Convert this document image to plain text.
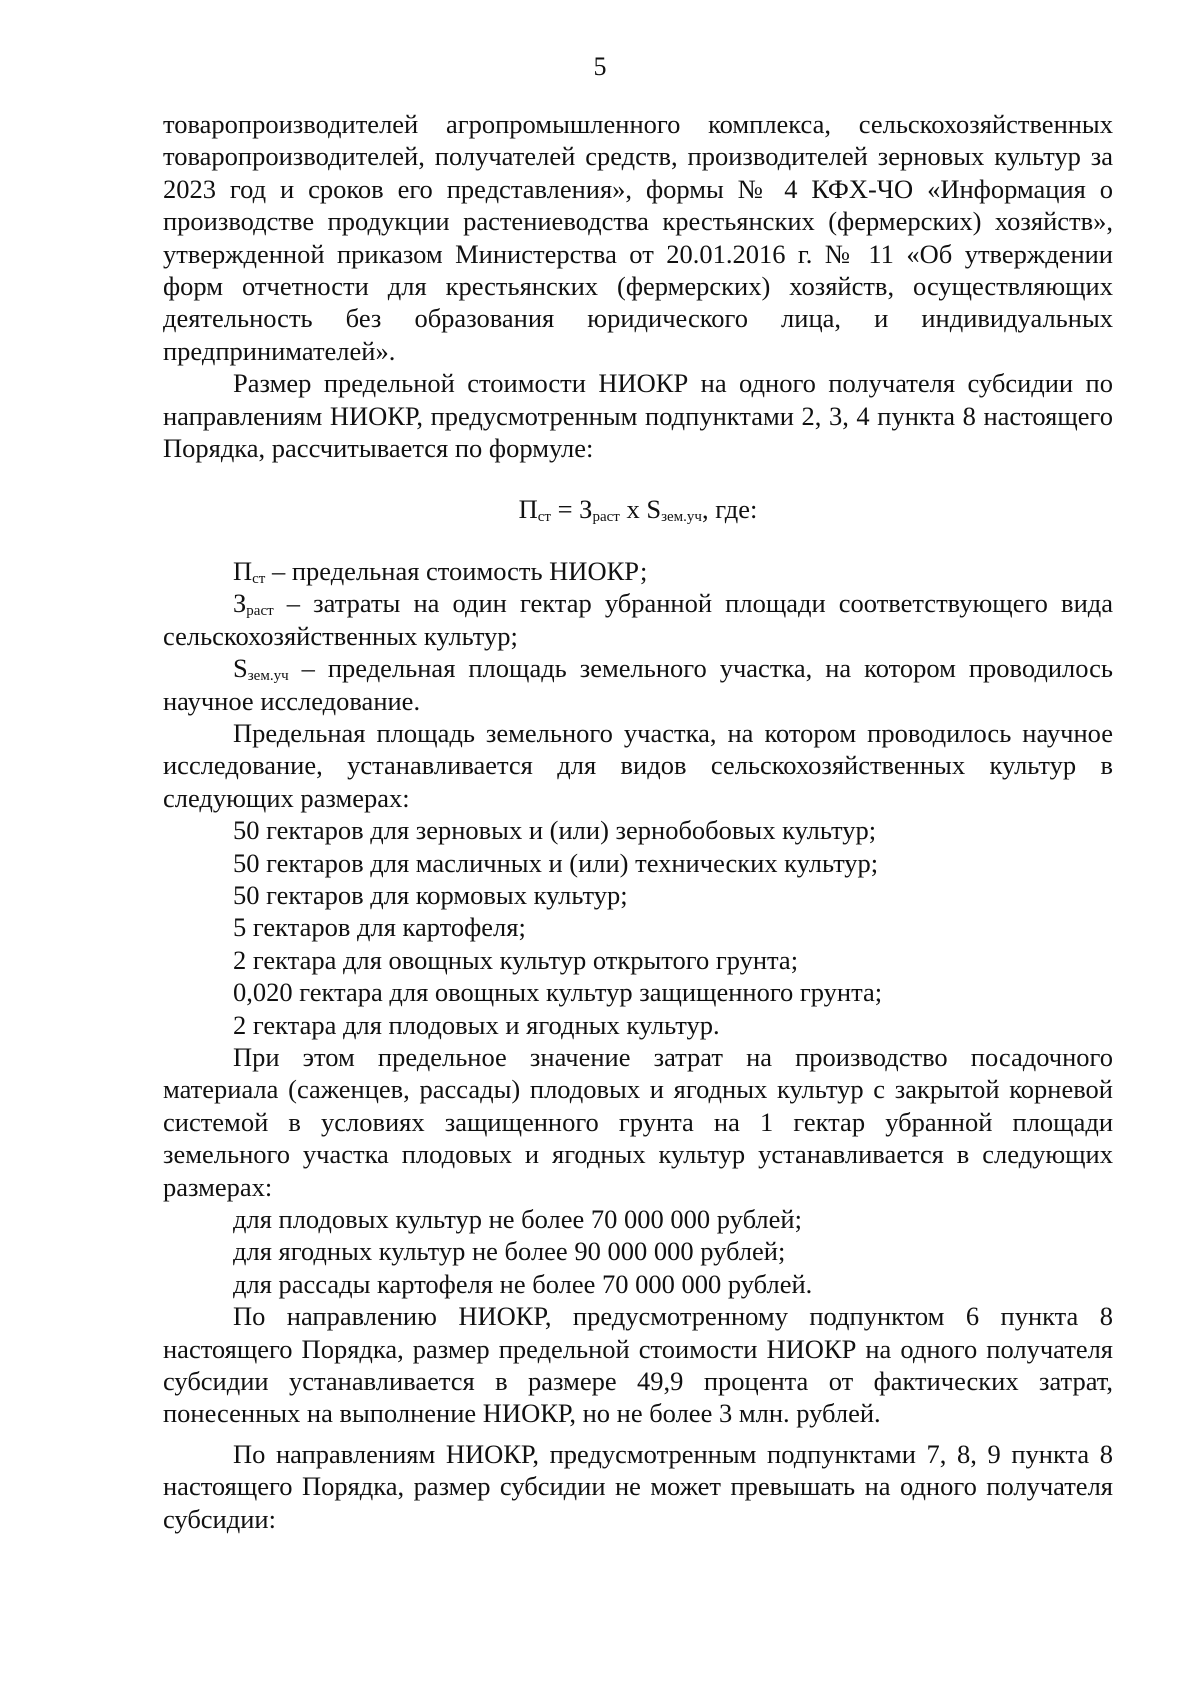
5

товаропроизводителей агропромышленного комплекса, сельскохозяйственных товаропроизводителей, получателей средств, производителей зерновых культур за 2023 год и сроков его представления», формы № 4 КФХ-ЧО «Информация о производстве продукции растениеводства крестьянских (фермерских) хозяйств», утвержденной приказом Министерства от 20.01.2016 г. № 11 «Об утверждении форм отчетности для крестьянских (фермерских) хозяйств, осуществляющих деятельность без образования юридического лица, и индивидуальных предпринимателей».

Размер предельной стоимости НИОКР на одного получателя субсидии по направлениям НИОКР, предусмотренным подпунктами 2, 3, 4 пункта 8 настоящего Порядка, рассчитывается по формуле:

$П_{ст} = З_{раст}$ x $S_{зем.уч}$, где:

$П_{ст}$ – предельная стоимость НИОКР;

$З_{раст}$ – затраты на один гектар убранной площади соответствующего вида сельскохозяйственных культур;

$S_{зем.уч}$ – предельная площадь земельного участка, на котором проводилось научное исследование.

Предельная площадь земельного участка, на котором проводилось научное исследование, устанавливается для видов сельскохозяйственных культур в следующих размерах:

50 гектаров для зерновых и (или) зернобобовых культур;

50 гектаров для масличных и (или) технических культур;

50 гектаров для кормовых культур;

5 гектаров для картофеля;

2 гектара для овощных культур открытого грунта;

0,020 гектара для овощных культур защищенного грунта;

2 гектара для плодовых и ягодных культур.

При этом предельное значение затрат на производство посадочного материала (саженцев, рассады) плодовых и ягодных культур с закрытой корневой системой в условиях защищенного грунта на 1 гектар убранной площади земельного участка плодовых и ягодных культур устанавливается в следующих размерах:

для плодовых культур не более 70 000 000 рублей;

для ягодных культур не более 90 000 000 рублей;

для рассады картофеля не более 70 000 000 рублей.

По направлению НИОКР, предусмотренному подпунктом 6 пункта 8 настоящего Порядка, размер предельной стоимости НИОКР на одного получателя субсидии устанавливается в размере 49,9 процента от фактических затрат, понесенных на выполнение НИОКР, но не более 3 млн. рублей.

По направлениям НИОКР, предусмотренным подпунктами 7, 8, 9 пункта 8 настоящего Порядка, размер субсидии не может превышать на одного получателя субсидии:
